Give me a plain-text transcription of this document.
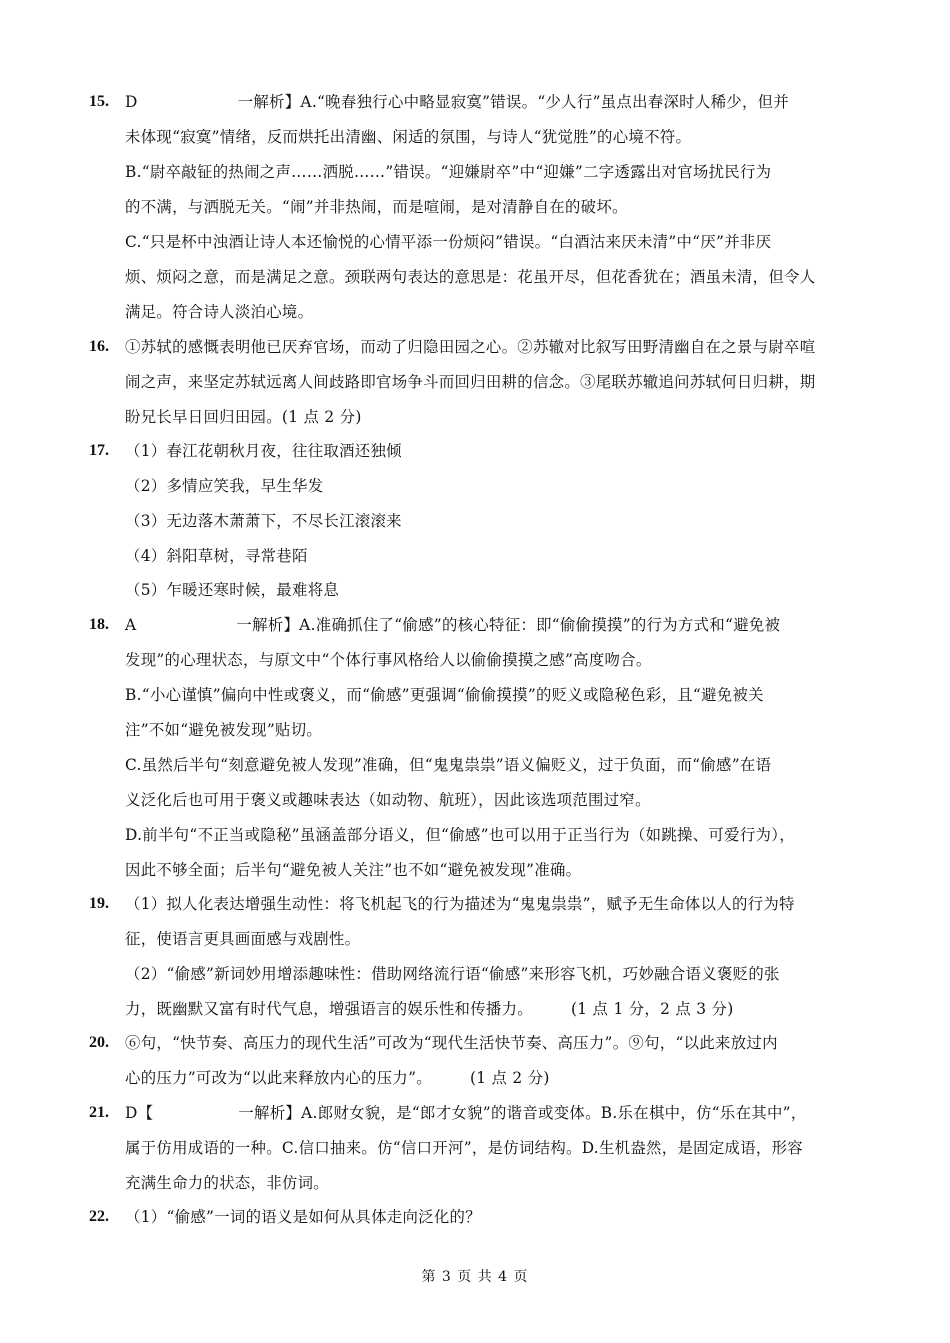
15. D	一解析】A.“晚春独行心中略显寂寞”错误。“少人行”虽点出春深时人稀少，但并
未体现“寂寞”情绪，反而烘托出清幽、闲适的氛围，与诗人“犹觉胜”的心境不符。
B.“尉卒敲钲的热闹之声……洒脱……”错误。“迎嫌尉卒”中“迎嫌”二字透露出对官场扰民行为
的不满，与洒脱无关。“闹”并非热闹，而是喧闹，是对清静自在的破坏。
C.“只是杯中浊酒让诗人本还愉悦的心情平添一份烦闷”错误。“白酒沽来厌未清”中“厌”并非厌
烦、烦闷之意，而是满足之意。颈联两句表达的意思是：花虽开尽，但花香犹在；酒虽未清，但令人
满足。符合诗人淡泊心境。
16. ①苏轼的感慨表明他已厌弃官场，而动了归隐田园之心。②苏辙对比叙写田野清幽自在之景与尉卒喧
闹之声，来坚定苏轼远离人间歧路即官场争斗而回归田耕的信念。③尾联苏辙追问苏轼何日归耕，期
盼兄长早日回归田园。(1 点 2 分)
17. （1）春江花朝秋月夜，往往取酒还独倾
（2）多情应笑我，早生华发
（3）无边落木萧萧下，不尽长江滚滚来
（4）斜阳草树，寻常巷陌
（5）乍暖还寒时候，最难将息
18. A	一解析】A.准确抓住了“偷感”的核心特征：即“偷偷摸摸”的行为方式和“避免被
发现”的心理状态，与原文中“个体行事风格给人以偷偷摸摸之感”高度吻合。
B.“小心谨慎”偏向中性或褒义，而“偷感”更强调“偷偷摸摸”的贬义或隐秘色彩，且“避免被关
注”不如“避免被发现”贴切。
C.虽然后半句“刻意避免被人发现”准确，但“鬼鬼祟祟”语义偏贬义，过于负面，而“偷感”在语
义泛化后也可用于褒义或趣味表达（如动物、航班），因此该选项范围过窄。
D.前半句“不正当或隐秘”虽涵盖部分语义，但“偷感”也可以用于正当行为（如跳操、可爱行为），
因此不够全面；后半句“避免被人关注”也不如“避免被发现”准确。
19. （1）拟人化表达增强生动性：将飞机起飞的行为描述为“鬼鬼祟祟”，赋予无生命体以人的行为特
征，使语言更具画面感与戏剧性。
（2）“偷感”新词妙用增添趣味性：借助网络流行语“偷感”来形容飞机，巧妙融合语义褒贬的张
力，既幽默又富有时代气息，增强语言的娱乐性和传播力。 (1 点 1 分，2 点 3 分)
20. ⑥句，“快节奏、高压力的现代生活”可改为“现代生活快节奏、高压力”。⑨句，“以此来放过内
心的压力”可改为“以此来释放内心的压力”。 (1 点 2 分)
21. D【	一解析】A.郎财女貌，是“郎才女貌”的谐音或变体。B.乐在棋中，仿“乐在其中”，
属于仿用成语的一种。C.信口抽来。仿“信口开河”，是仿词结构。D.生机盎然，是固定成语，形容
充满生命力的状态，非仿词。
22. （1）“偷感”一词的语义是如何从具体走向泛化的？
第 3 页 共 4 页
